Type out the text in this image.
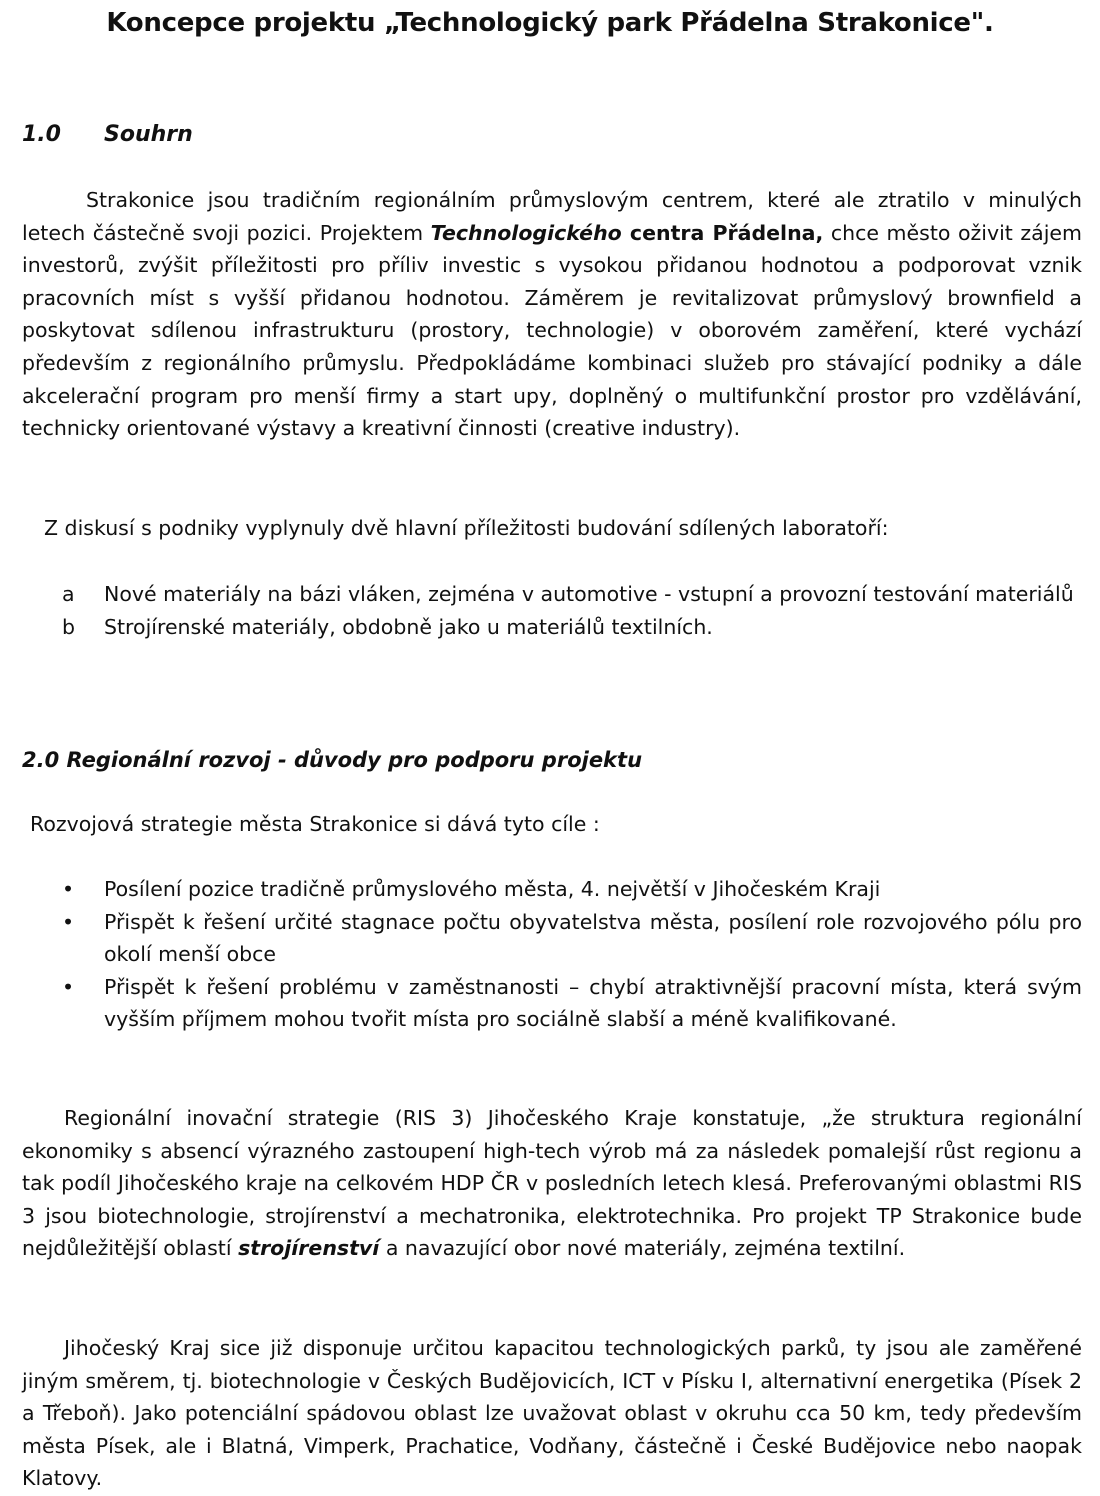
Koncepce projektu „Technologický park Přádelna Strakonice".
1.0 Souhrn

Strakonice jsou tradičním regionálním průmyslovým centrem, které ale ztratilo v minulých letech částečně svoji pozici. Projektem Technologického centra Přádelna, chce město oživit zájem investorů, zvýšit příležitosti pro příliv investic s vysokou přidanou hodnotou a podporovat vznik pracovních míst s vyšší přidanou hodnotou. Záměrem je revitalizovat průmyslový brownfield a poskytovat sdílenou infrastrukturu (prostory, technologie) v oborovém zaměření, které vychází především z regionálního průmyslu. Předpokládáme kombinaci služeb pro stávající podniky a dále akcelerační program pro menší firmy a start upy, doplněný o multifunkční prostor pro vzdělávání, technicky orientované výstavy a kreativní činnosti (creative industry).

Z diskusí s podniky vyplynuly dvě hlavní příležitosti budování sdílených laboratoří:

a	Nové materiály na bázi vláken, zejména v automotive - vstupní a provozní testování materiálů
b	Strojírenské materiály, obdobně jako u materiálů textilních.
2.0 Regionální rozvoj - důvody pro podporu projektu

Rozvojová strategie města Strakonice si dává tyto cíle :

•	Posílení pozice tradičně průmyslového města, 4. největší v Jihočeském Kraji
•	Přispět k řešení určité stagnace počtu obyvatelstva města, posílení role rozvojového pólu pro okolí menší obce
•	Přispět k řešení problému v zaměstnanosti – chybí atraktivnější pracovní místa, která svým vyšším příjmem mohou tvořit místa pro sociálně slabší a méně kvalifikované.

Regionální inovační strategie (RIS 3) Jihočeského Kraje konstatuje, „že struktura regionální ekonomiky s absencí výrazného zastoupení high-tech výrob má za následek pomalejší růst regionu a tak podíl Jihočeského kraje na celkovém HDP ČR v posledních letech klesá. Preferovanými oblastmi RIS 3 jsou biotechnologie, strojírenství a mechatronika, elektrotechnika. Pro projekt TP Strakonice bude nejdůležitější oblastí strojírenství a navazující obor nové materiály, zejména textilní.

Jihočeský Kraj sice již disponuje určitou kapacitou technologických parků, ty jsou ale zaměřené jiným směrem, tj. biotechnologie v Českých Budějovicích, ICT v Písku I, alternativní energetika (Písek 2 a Třeboň). Jako potenciální spádovou oblast lze uvažovat oblast v okruhu cca 50 km, tedy především města Písek, ale i Blatná, Vimperk, Prachatice, Vodňany, částečně i České Budějovice nebo naopak Klatovy.
